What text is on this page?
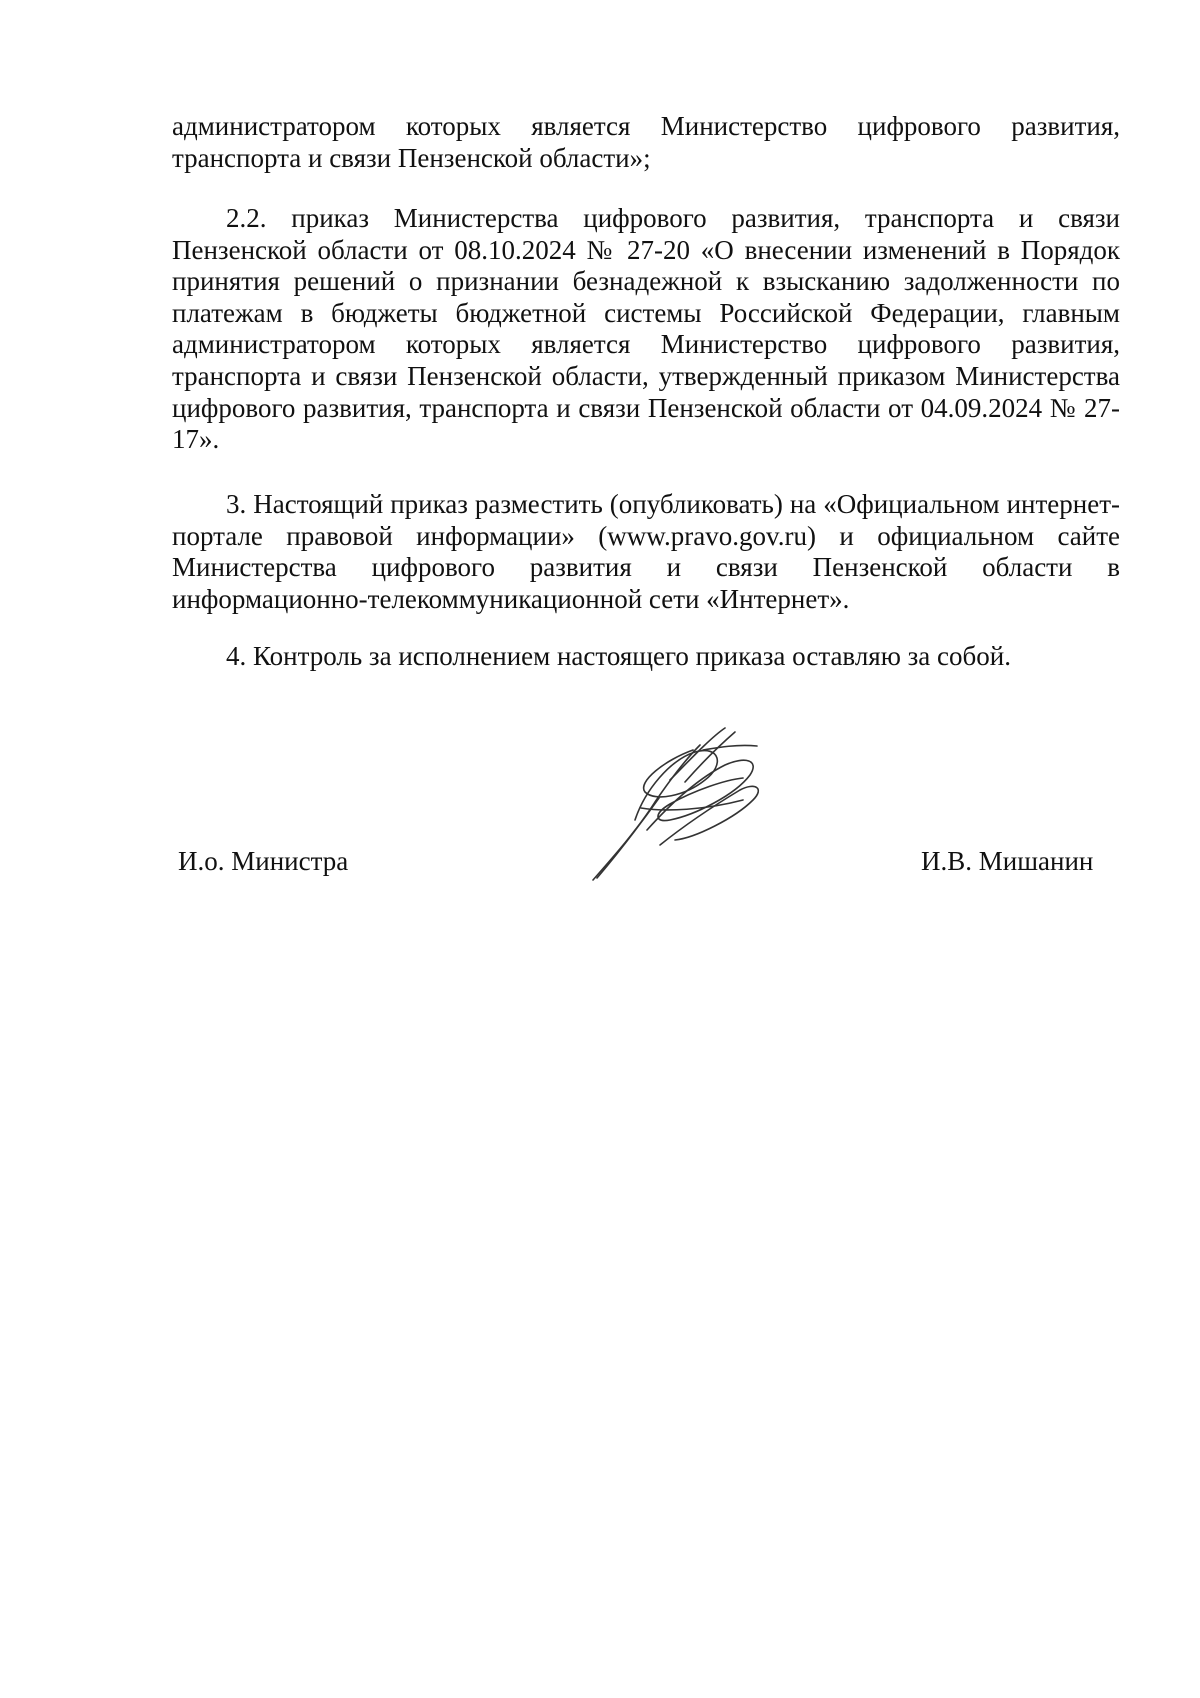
администратором которых является Министерство цифрового развития, транспорта и связи Пензенской области»;

2.2. приказ Министерства цифрового развития, транспорта и связи Пензенской области от 08.10.2024 № 27-20 «О внесении изменений в Порядок принятия решений о признании безнадежной к взысканию задолженности по платежам в бюджеты бюджетной системы Российской Федерации, главным администратором которых является Министерство цифрового развития, транспорта и связи Пензенской области, утвержденный приказом Министерства цифрового развития, транспорта и связи Пензенской области от 04.09.2024 № 27-17».

3. Настоящий приказ разместить (опубликовать) на «Официальном интернет-портале правовой информации» (www.pravo.gov.ru) и официальном сайте Министерства цифрового развития и связи Пензенской области в информационно-телекоммуникационной сети «Интернет».

4. Контроль за исполнением настоящего приказа оставляю за собой.

И.о. Министра	И.В. Мишанин
